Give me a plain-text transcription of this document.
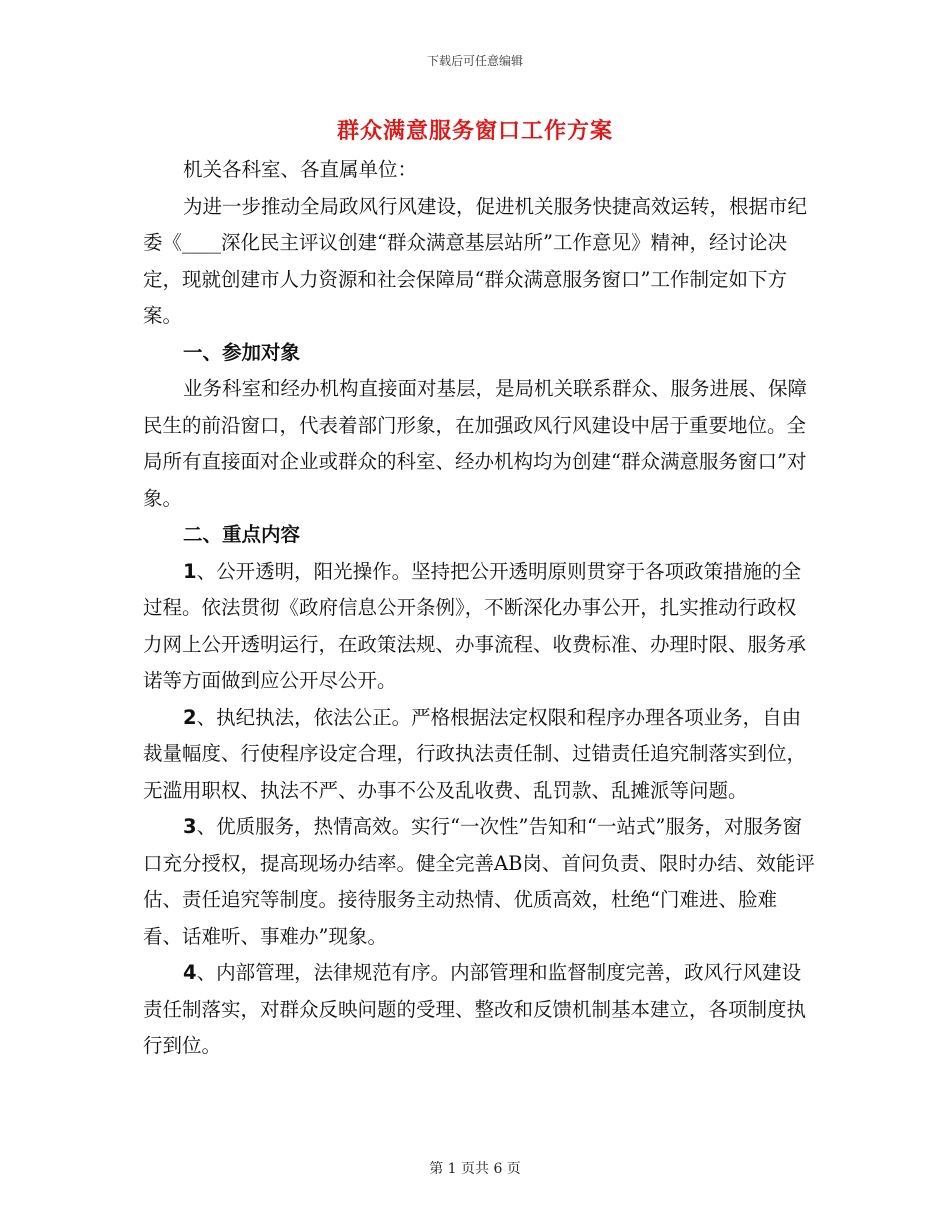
下载后可任意编辑
群众满意服务窗口工作方案

机关各科室、各直属单位：

为进一步推动全局政风行风建设，促进机关服务快捷高效运转，根据市纪委《____深化民主评议创建“群众满意基层站所”工作意见》精神，经讨论决定，现就创建市人力资源和社会保障局“群众满意服务窗口”工作制定如下方案。

一、参加对象

业务科室和经办机构直接面对基层，是局机关联系群众、服务进展、保障民生的前沿窗口，代表着部门形象，在加强政风行风建设中居于重要地位。全局所有直接面对企业或群众的科室、经办机构均为创建“群众满意服务窗口”对象。

二、重点内容

1、公开透明，阳光操作。坚持把公开透明原则贯穿于各项政策措施的全过程。依法贯彻《政府信息公开条例》，不断深化办事公开，扎实推动行政权力网上公开透明运行，在政策法规、办事流程、收费标准、办理时限、服务承诺等方面做到应公开尽公开。

2、执纪执法，依法公正。严格根据法定权限和程序办理各项业务，自由裁量幅度、行使程序设定合理，行政执法责任制、过错责任追究制落实到位，无滥用职权、执法不严、办事不公及乱收费、乱罚款、乱摊派等问题。

3、优质服务，热情高效。实行“一次性”告知和“一站式”服务，对服务窗口充分授权，提高现场办结率。健全完善AB岗、首问负责、限时办结、效能评估、责任追究等制度。接待服务主动热情、优质高效，杜绝“门难进、脸难看、话难听、事难办”现象。

4、内部管理，法律规范有序。内部管理和监督制度完善，政风行风建设责任制落实，对群众反映问题的受理、整改和反馈机制基本建立，各项制度执行到位。

第 1 页共 6 页
